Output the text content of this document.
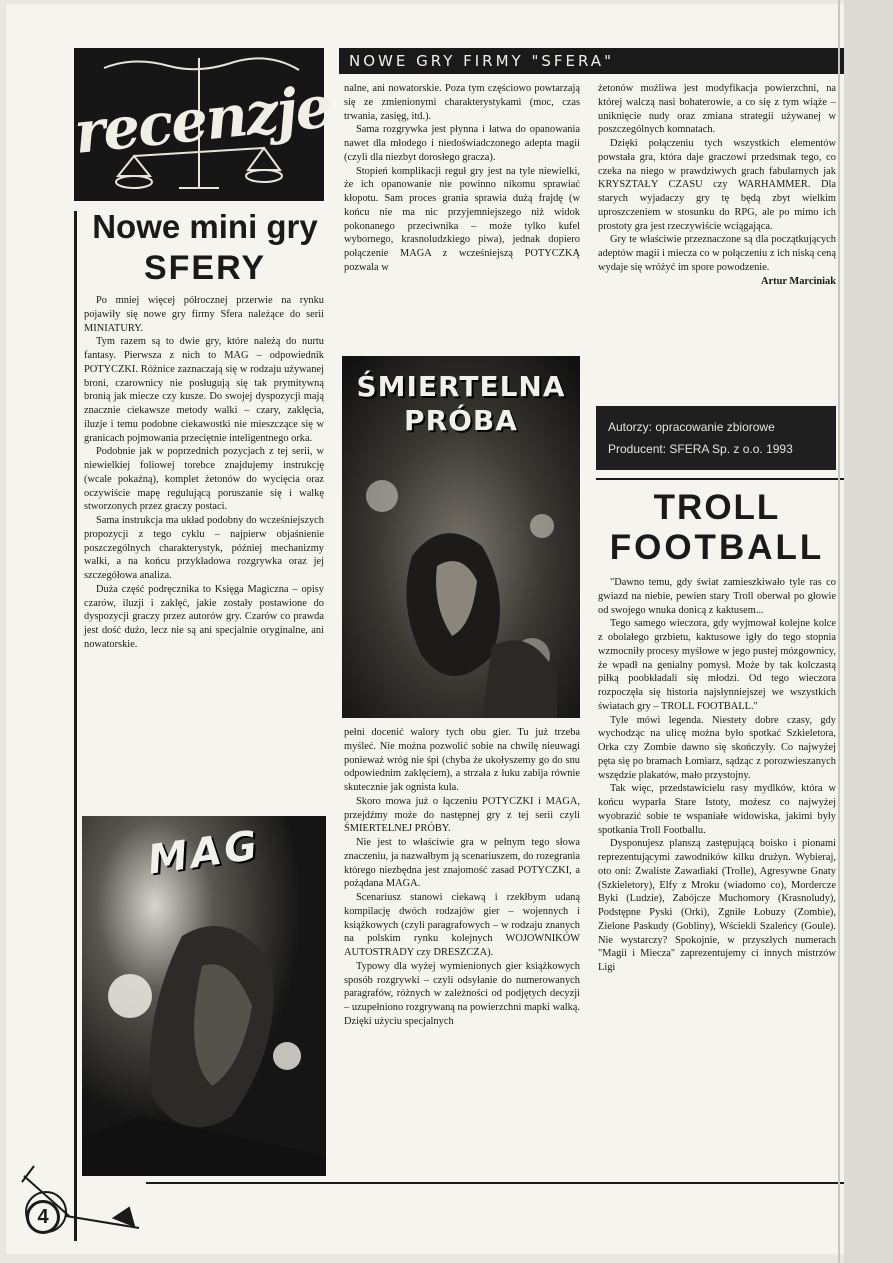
recenzje
NOWE GRY FIRMY "SFERA"
Nowe mini gry
SFERY

Po mniej więcej półrocznej przerwie na rynku pojawiły się nowe gry firmy Sfera należące do serii MINIATURY.

Tym razem są to dwie gry, które należą do nurtu fantasy. Pierwsza z nich to MAG – odpowiednik POTYCZKI. Różnice zaznaczają się w rodzaju używanej broni, czarownicy nie posługują się tak prymitywną bronią jak miecze czy kusze. Do swojej dyspozycji mają znacznie ciekawsze metody walki – czary, zaklęcia, iluzje i temu podobne ciekawostki nie mieszczące się w granicach pojmowania przeciętnie inteligentnego orka.

Podobnie jak w poprzednich pozycjach z tej serii, w niewielkiej foliowej torebce znajdujemy instrukcję (wcale pokaźną), komplet żetonów do wycięcia oraz oczywiście mapę regulującą poruszanie się i walkę stworzonych przez graczy postaci.

Sama instrukcja ma układ podobny do wcześniejszych propozycji z tego cyklu – najpierw objaśnienie poszczególnych charakterystyk, później mechanizmy walki, a na końcu przykładowa rozgrywka oraz jej szczegółowa analiza.

Duża część podręcznika to Księga Magiczna – opisy czarów, iluzji i zaklęć, jakie zostały postawione do dyspozycji graczy przez autorów gry. Czarów co prawda jest dość dużo, lecz nie są ani specjalnie oryginalne, ani nowatorskie.

MAG

nalne, ani nowatorskie. Poza tym częściowo powtarzają się ze zmienionymi charakterystykami (moc, czas trwania, zasięg, itd.).

Sama rozgrywka jest płynna i łatwa do opanowania nawet dla młodego i niedoświadczonego adepta magii (czyli dla niezbyt dorosłego gracza).

Stopień komplikacji reguł gry jest na tyle niewielki, że ich opanowanie nie powinno nikomu sprawiać kłopotu. Sam proces grania sprawia dużą frajdę (w końcu nie ma nic przyjemniejszego niż widok pokonanego przeciwnika – może tylko kufel wybornego, krasnoludzkiego piwa), jednak dopiero połączenie MAGA z wcześniejszą POTYCZKĄ pozwala w

ŚMIERTELNA PRÓBA

pełni docenić walory tych obu gier. Tu już trzeba myśleć. Nie można pozwolić sobie na chwilę nieuwagi ponieważ wróg nie śpi (chyba że ukołyszemy go do snu odpowiednim zaklęciem), a strzała z łuku zabija równie skutecznie jak ognista kula.

Skoro mowa już o łączeniu POTYCZKI i MAGA, przejdźmy może do następnej gry z tej serii czyli ŚMIERTELNEJ PRÓBY.

Nie jest to właściwie gra w pełnym tego słowa znaczeniu, ja nazwałbym ją scenariuszem, do rozegrania którego niezbędna jest znajomość zasad POTYCZKI, a pożądana MAGA.

Scenariusz stanowi ciekawą i rzekłbym udaną kompilację dwóch rodzajów gier – wojennych i książkowych (czyli paragrafowych – w rodzaju znanych na polskim rynku kolejnych WOJOWNIKÓW AUTOSTRADY czy DRESZCZA).

Typowy dla wyżej wymienionych gier książkowych sposób rozgrywki – czyli odsyłanie do numerowanych paragrafów, różnych w zależności od podjętych decyzji – uzupełniono rozgrywaną na powierzchni mapki walką. Dzięki użyciu specjalnych

żetonów możliwa jest modyfikacja powierzchni, na której walczą nasi bohaterowie, a co się z tym wiąże – uniknięcie nudy oraz zmiana strategii używanej w poszczególnych komnatach.

Dzięki połączeniu tych wszystkich elementów powstała gra, która daje graczowi przedsmak tego, co czeka na niego w prawdziwych grach fabularnych jak KRYSZTAŁY CZASU czy WARHAMMER. Dla starych wyjadaczy gry tę będą zbyt wielkim uproszczeniem w stosunku do RPG, ale po mimo ich prostoty gra jest rzeczywiście wciągająca.

Gry te właściwie przeznaczone są dla początkujących adeptów magii i miecza co w połączeniu z ich niską ceną wydaje się wróżyć im spore powodzenie.

Artur Marciniak

Autorzy: opracowanie zbiorowe
Producent: SFERA Sp. z o.o. 1993
TROLL
FOOTBALL

"Dawno temu, gdy świat zamieszkiwało tyle ras co gwiazd na niebie, pewien stary Troll oberwał po głowie od swojego wnuka donicą z kaktusem...

Tego samego wieczora, gdy wyjmował kolejne kolce z obolałego grzbietu, kaktusowe igły do tego stopnia wzmocniły procesy myślowe w jego pustej mózgownicy, że wpadł na genialny pomysł. Może by tak kolczastą piłką poobkładali się młodzi. Od tego wieczora rozpoczęła się historia najsłynniejszej we wszystkich światach gry – TROLL FOOTBALL."

Tyle mówi legenda. Niestety dobre czasy, gdy wychodząc na ulicę można było spotkać Szkieletora, Orka czy Zombie dawno się skończyły. Co najwyżej pęta się po bramach Łomiarz, sądząc z porozwieszanych wszędzie plakatów, mało przystojny.

Tak więc, przedstawicielu rasy mydlków, która w końcu wyparła Stare Istoty, możesz co najwyżej wyobrazić sobie te wspaniałe widowiska, jakimi były spotkania Troll Footballu.

Dysponujesz planszą zastępującą boisko i pionami reprezentującymi zawodników kilku drużyn. Wybieraj, oto oni: Zwaliste Zawadiaki (Trolle), Agresywne Gnaty (Szkieletory), Elfy z Mroku (wiadomo co), Mordercze Byki (Ludzie), Zabójcze Muchomory (Krasnoludy), Podstępne Pyski (Orki), Zgniłe Łobuzy (Zombie), Zielone Paskudy (Gobliny), Wściekli Szaleńcy (Goule). Nie wystarczy? Spokojnie, w przyszłych numerach "Magii i Miecza" zaprezentujemy ci innych mistrzów Ligi

4
